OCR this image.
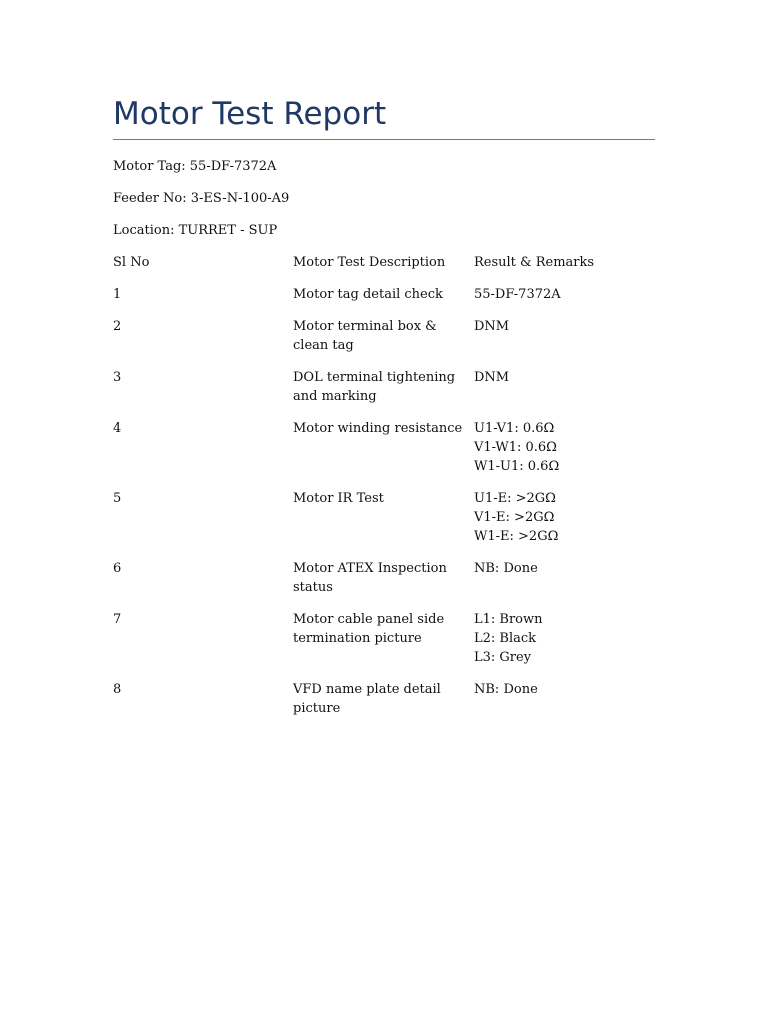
Motor Test Report

Motor Tag: 55-DF-7372A

Feeder No: 3-ES-N-100-A9

Location: TURRET - SUP

Sl No	Motor Test Description	Result & Remarks
1	Motor tag detail check	55-DF-7372A

2	Motor terminal box & clean tag	DNM

3	DOL terminal tightening and marking	DNM

4	Motor winding resistance	U1-V1: 0.6Ω
V1-W1: 0.6Ω
W1-U1: 0.6Ω

5	Motor IR Test	U1-E: >2GΩ
V1-E: >2GΩ
W1-E: >2GΩ

6	Motor ATEX Inspection status	NB: Done

7	Motor cable panel side termination picture	L1: Brown
L2: Black
L3: Grey

8	VFD name plate detail picture	NB: Done
